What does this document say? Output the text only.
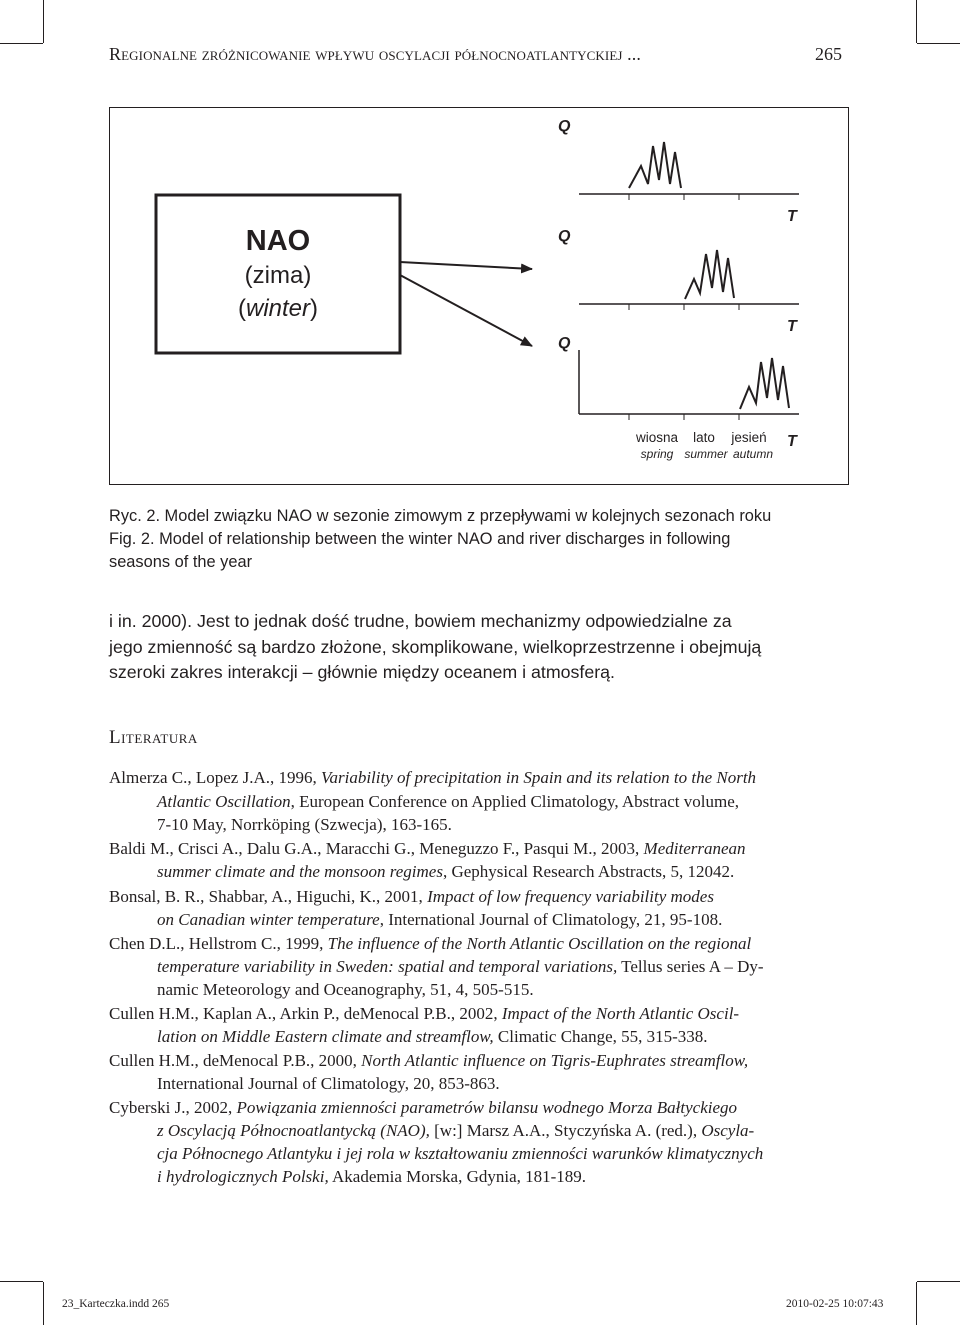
Regionalne zróżnicowanie wpływu oscylacji północnoatlantyckiej ...	265
NAO
(zima)
(winter)
Q
T
Q
T
Q
T
wiosna
spring
lato
summer
jesień
autumn
Ryc. 2. Model związku NAO w sezonie zimowym z przepływami w kolejnych sezonach roku
Fig. 2. Model of relationship between the winter NAO and river discharges in following
seasons of the year
i in. 2000). Jest to jednak dość trudne, bowiem mechanizmy odpowiedzialne za
jego zmienność są bardzo złożone, skomplikowane, wielkoprzestrzenne i obejmują
szeroki zakres interakcji – głównie między oceanem i atmosferą.
Literatura
Almerza C., Lopez J.A., 1996, Variability of precipitation in Spain and its relation to the North
Atlantic Oscillation, European Conference on Applied Climatology, Abstract volume,
7-10 May, Norrköping (Szwecja), 163-165.
Baldi M., Crisci A., Dalu G.A., Maracchi G., Meneguzzo F., Pasqui M., 2003, Mediterranean
summer climate and the monsoon regimes, Gephysical Research Abstracts, 5, 12042.
Bonsal, B. R., Shabbar, A., Higuchi, K., 2001, Impact of low frequency variability modes
on Canadian winter temperature, International Journal of Climatology, 21, 95-108.
Chen D.L., Hellstrom C., 1999, The influence of the North Atlantic Oscillation on the regional
temperature variability in Sweden: spatial and temporal variations, Tellus series A – Dy-
namic Meteorology and Oceanography, 51, 4, 505-515.
Cullen H.M., Kaplan A., Arkin P., deMenocal P.B., 2002, Impact of the North Atlantic Oscil-
lation on Middle Eastern climate and streamflow, Climatic Change, 55, 315-338.
Cullen H.M., deMenocal P.B., 2000, North Atlantic influence on Tigris-Euphrates streamflow,
International Journal of Climatology, 20, 853-863.
Cyberski J., 2002, Powiązania zmienności parametrów bilansu wodnego Morza Bałtyckiego
z Oscylacją Północnoatlantycką (NAO), [w:] Marsz A.A., Styczyńska A. (red.), Oscyla-
cja Północnego Atlantyku i jej rola w kształtowaniu zmienności warunków klimatycznych
i hydrologicznych Polski, Akademia Morska, Gdynia, 181-189.
23_Karteczka.indd 265	2010-02-25 10:07:43
